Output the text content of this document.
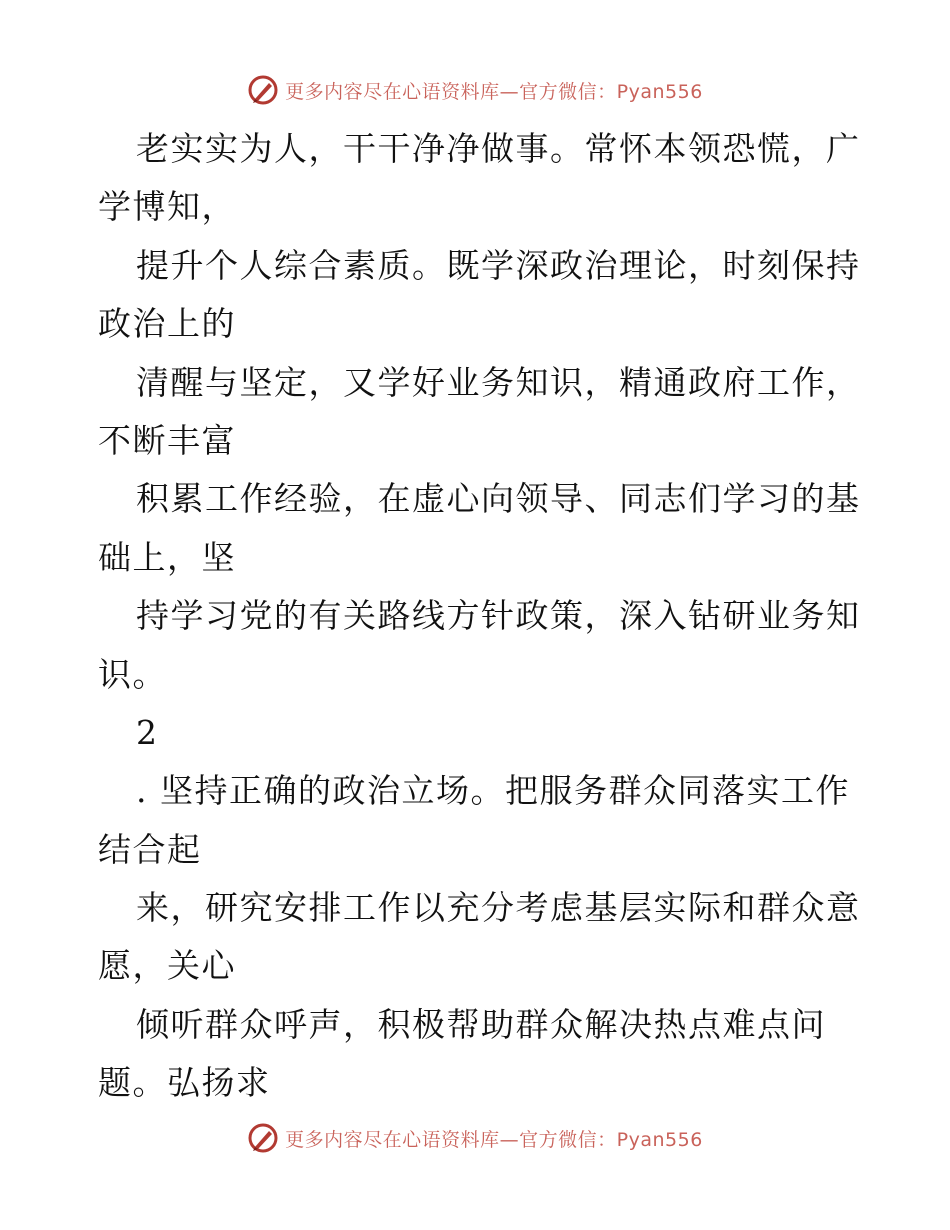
更多内容尽在心语资料库—官方微信：Pyan556
老实实为人，干干净净做事。常怀本领恐慌，广
学博知，
提升个人综合素质。既学深政治理论，时刻保持
政治上的
清醒与坚定，又学好业务知识，精通政府工作，
不断丰富
积累工作经验，在虚心向领导、同志们学习的基
础上，坚
持学习党的有关路线方针政策，深入钻研业务知
识。
2
. 坚持正确的政治立场。把服务群众同落实工作
结合起
来，研究安排工作以充分考虑基层实际和群众意
愿，关心
倾听群众呼声，积极帮助群众解决热点难点问
题。弘扬求
更多内容尽在心语资料库—官方微信：Pyan556
